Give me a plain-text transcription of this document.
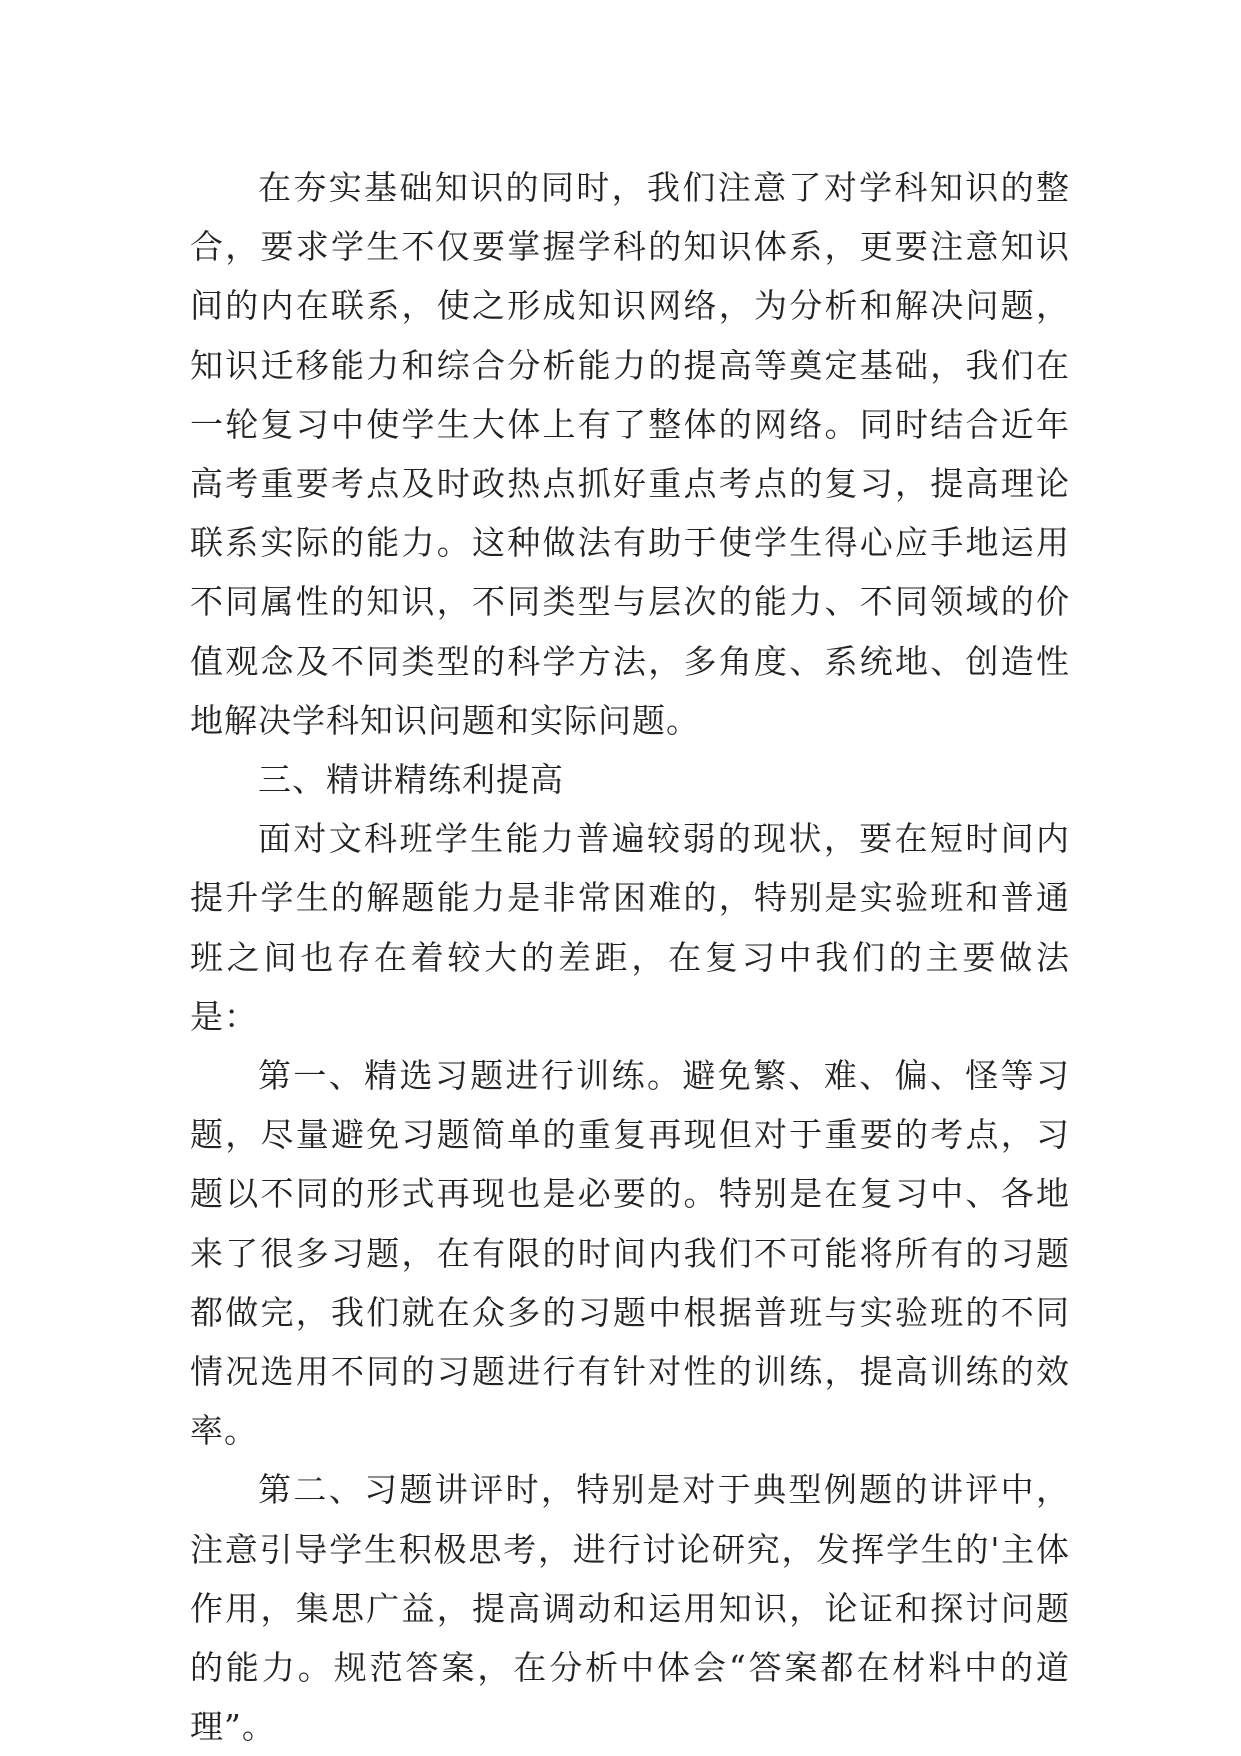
在夯实基础知识的同时，我们注意了对学科知识的整合，要求学生不仅要掌握学科的知识体系，更要注意知识间的内在联系，使之形成知识网络，为分析和解决问题，知识迁移能力和综合分析能力的提高等奠定基础，我们在一轮复习中使学生大体上有了整体的网络。同时结合近年高考重要考点及时政热点抓好重点考点的复习，提高理论联系实际的能力。这种做法有助于使学生得心应手地运用不同属性的知识，不同类型与层次的能力、不同领域的价值观念及不同类型的科学方法，多角度、系统地、创造性地解决学科知识问题和实际问题。

三、精讲精练利提高

面对文科班学生能力普遍较弱的现状，要在短时间内提升学生的解题能力是非常困难的，特别是实验班和普通班之间也存在着较大的差距，在复习中我们的主要做法是：

第一、精选习题进行训练。避免繁、难、偏、怪等习题，尽量避免习题简单的重复再现但对于重要的考点，习题以不同的形式再现也是必要的。特别是在复习中、各地来了很多习题，在有限的时间内我们不可能将所有的习题都做完，我们就在众多的习题中根据普班与实验班的不同情况选用不同的习题进行有针对性的训练，提高训练的效率。

第二、习题讲评时，特别是对于典型例题的讲评中，注意引导学生积极思考，进行讨论研究，发挥学生的'主体作用，集思广益，提高调动和运用知识，论证和探讨问题的能力。规范答案，在分析中体会“答案都在材料中的道理”。
